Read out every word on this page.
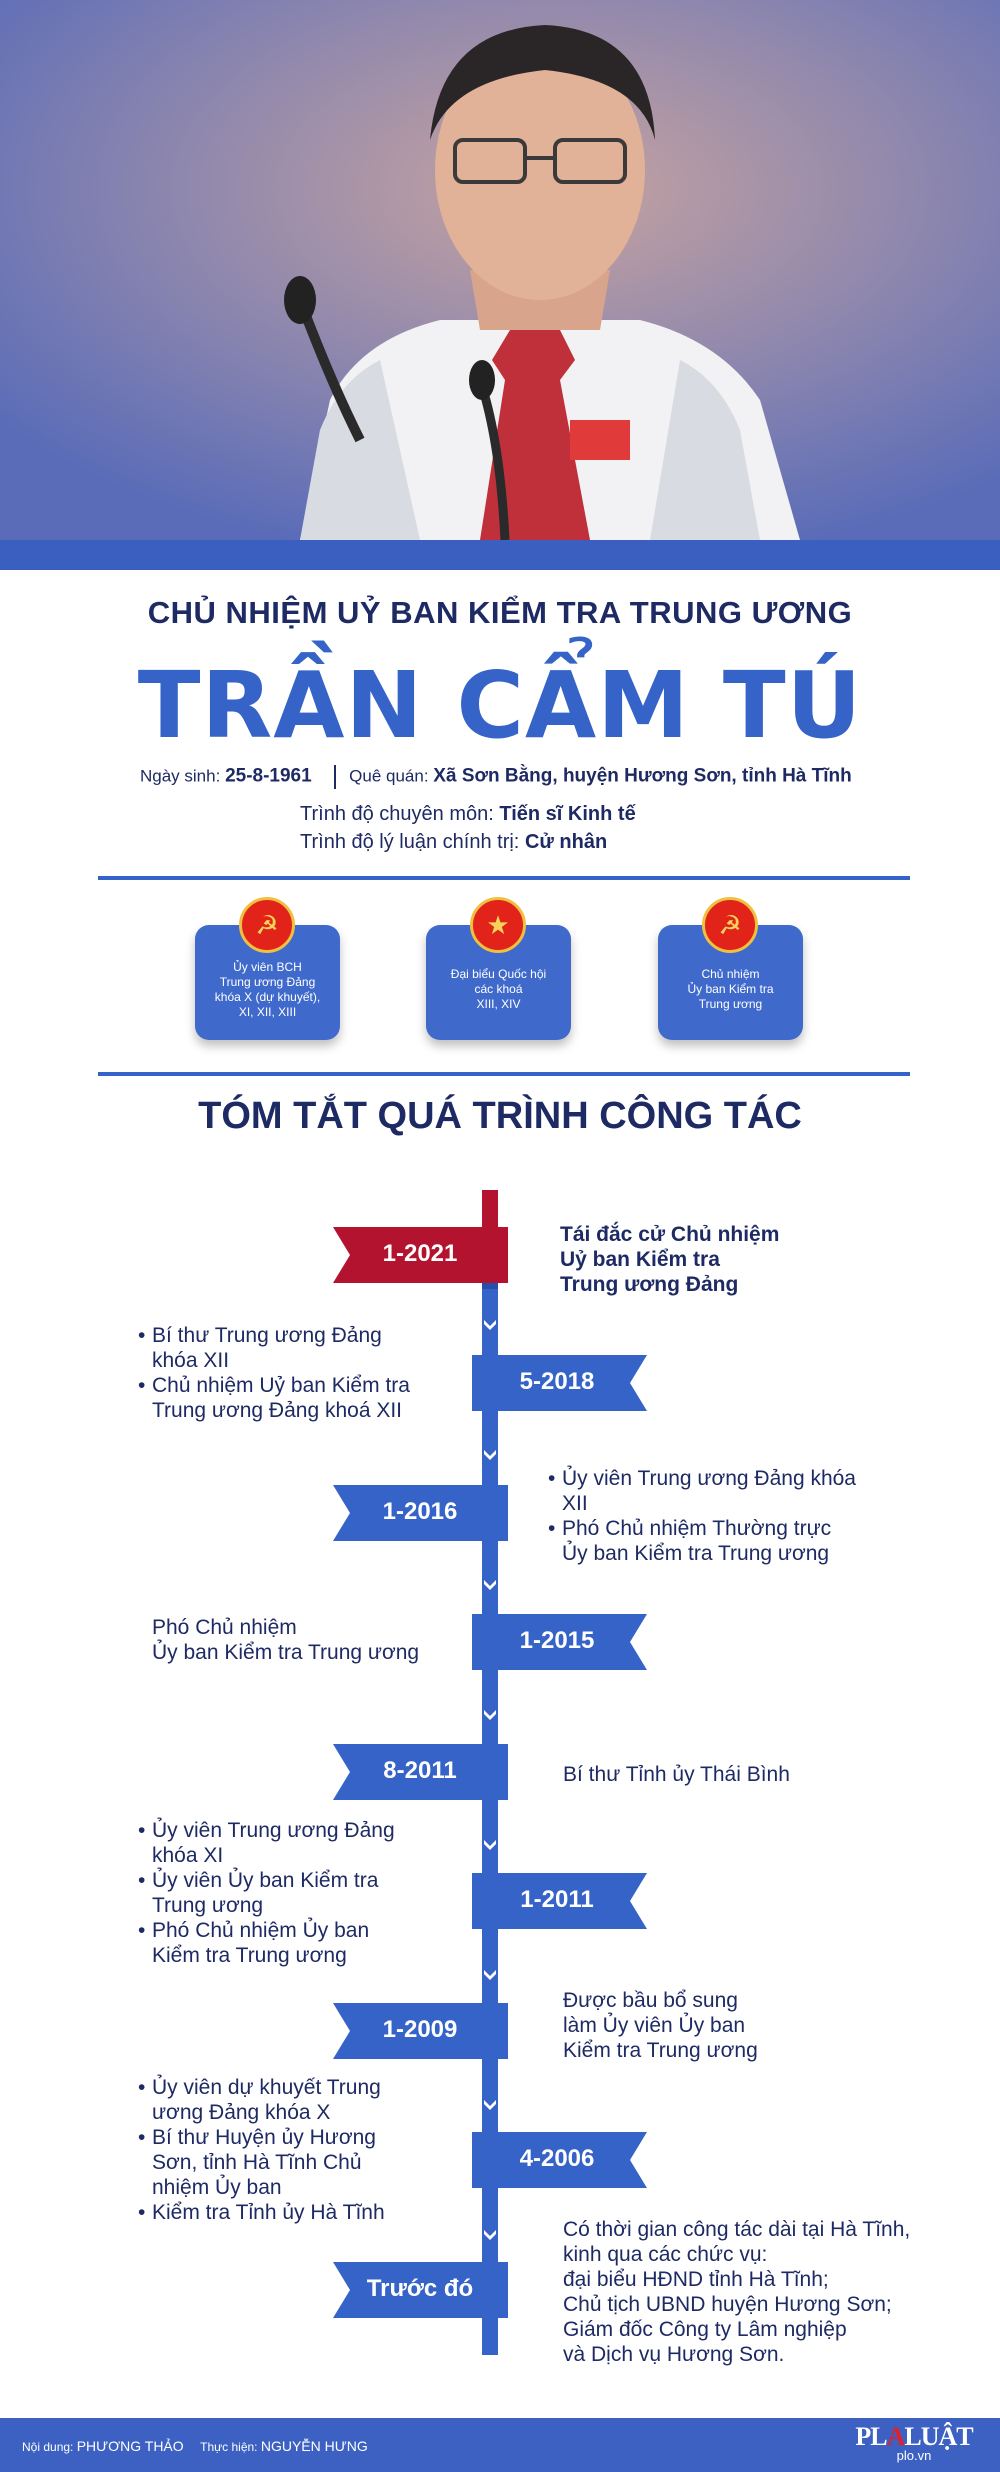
CHỦ NHIỆM UỶ BAN KIỂM TRA TRUNG ƯƠNG
TRẦN CẨM TÚ
Ngày sinh: 25-8-1961 Quê quán: Xã Sơn Bằng, huyện Hương Sơn, tỉnh Hà Tĩnh
Trình độ chuyên môn: Tiến sĩ Kinh tế
Trình độ lý luận chính trị: Cử nhân
☭
Ủy viên BCH
Trung ương Đảng
khóa X (dự khuyết),
XI, XII, XIII
★
Đại biểu Quốc hội
các khoá
XIII, XIV
☭
Chủ nhiệm
Ủy ban Kiểm tra
Trung ương
TÓM TẮT QUÁ TRÌNH CÔNG TÁC
1-2021
5-2018
1-2016
1-2015
8-2011
1-2011
1-2009
4-2006
Trước đó
Tái đắc cử Chủ nhiệm
Uỷ ban Kiểm tra
Trung ương Đảng
• Bí thư Trung ương Đảng khóa XII
• Chủ nhiệm Uỷ ban Kiểm tra Trung ương Đảng khoá XII
• Ủy viên Trung ương Đảng khóa XII
• Phó Chủ nhiệm Thường trực Ủy ban Kiểm tra Trung ương
Phó Chủ nhiệm
Ủy ban Kiểm tra Trung ương
Bí thư Tỉnh ủy Thái Bình
• Ủy viên Trung ương Đảng khóa XI
• Ủy viên Ủy ban Kiểm tra Trung ương
• Phó Chủ nhiệm Ủy ban Kiểm tra Trung ương
Được bầu bổ sung
làm Ủy viên Ủy ban
Kiểm tra Trung ương
• Ủy viên dự khuyết Trung ương Đảng khóa X
• Bí thư Huyện ủy Hương Sơn, tỉnh Hà Tĩnh Chủ nhiệm Ủy ban
• Kiểm tra Tỉnh ủy Hà Tĩnh
Có thời gian công tác dài tại Hà Tĩnh,
kinh qua các chức vụ:
đại biểu HĐND tỉnh Hà Tĩnh;
Chủ tịch UBND huyện Hương Sơn;
Giám đốc Công ty Lâm nghiệp
và Dịch vụ Hương Sơn.
Nội dung: PHƯƠNG THẢO Thực hiện: NGUYỄN HƯNG	PLALUẬT
plo.vn
